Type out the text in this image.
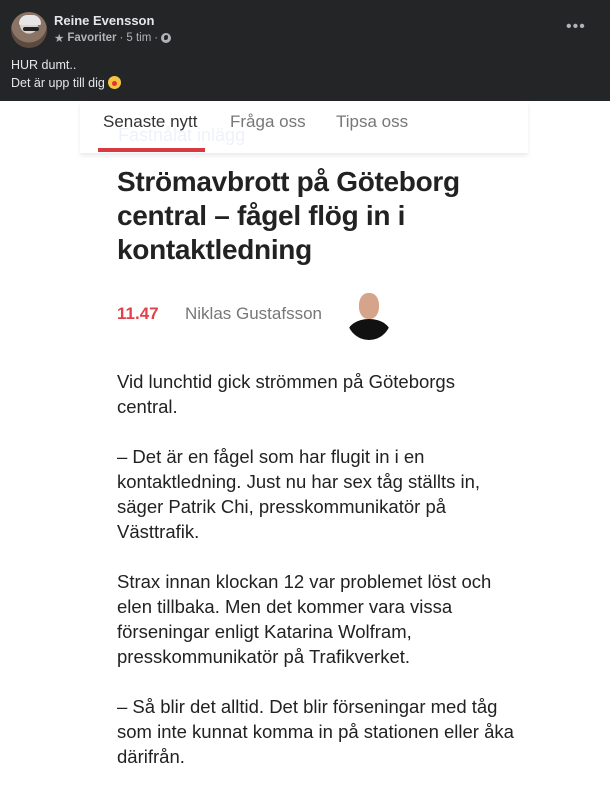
Reine Evensson
★ Favoriter · 5 tim ·
•••
HUR dumt..
Det är upp till dig
Fastnålat inlägg
Senaste nytt Fråga oss Tipsa oss
Strömavbrott på Göteborg central – fågel flög in i kontaktledning
11.47 Niklas Gustafsson

Vid lunchtid gick strömmen på Göteborgs central.

– Det är en fågel som har flugit in i en kontaktledning. Just nu har sex tåg ställts in, säger Patrik Chi, presskommunikatör på Västtrafik.

Strax innan klockan 12 var problemet löst och elen tillbaka. Men det kommer vara vissa förseningar enligt Katarina Wolfram, presskommunikatör på Trafikverket.

– Så blir det alltid. Det blir förseningar med tåg som inte kunnat komma in på stationen eller åka därifrån.
